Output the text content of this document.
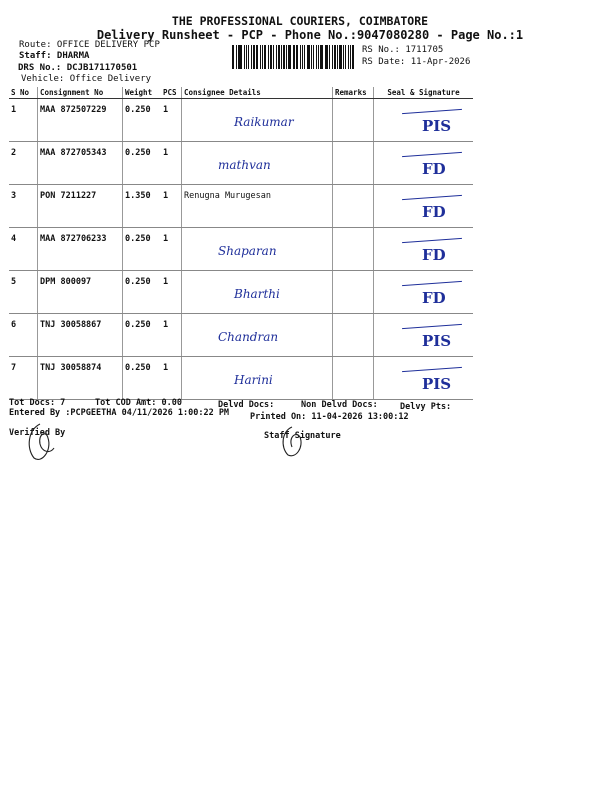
THE PROFESSIONAL COURIERS, COIMBATORE
Delivery Runsheet - PCP - Phone No.:9047080280 - Page No.:1
Route: OFFICE DELIVERY PCP
Staff: DHARMA
DRS No.: DCJB171170501
Vehicle: Office Delivery
RS No.: 1711705
RS Date: 11-Apr-2026
S No	Consignment No	Weight	PCS	Consignee Details	Remarks	Seal & Signature
1	MAA 872507229	0.250	1	Raikumar		PIS

2	MAA 872705343	0.250	1	mathvan		FD

3	PON 7211227	1.350	1	Renugna Murugesan		FD

4	MAA 872706233	0.250	1	Shaparan		FD

5	DPM 800097	0.250	1	Bharthi		FD

6	TNJ 30058867	0.250	1	Chandran		PIS

7	TNJ 30058874	0.250	1	Harini		PIS
Tot Docs: 7	Tot COD Amt: 0.00	Delvd Docs:	Non Delvd Docs:	Delvy Pts:
Entered By :PCPGEETHA 04/11/2026 1:00:22 PM Printed On: 11-04-2026 13:00:12
Verified By	Staff Signature
